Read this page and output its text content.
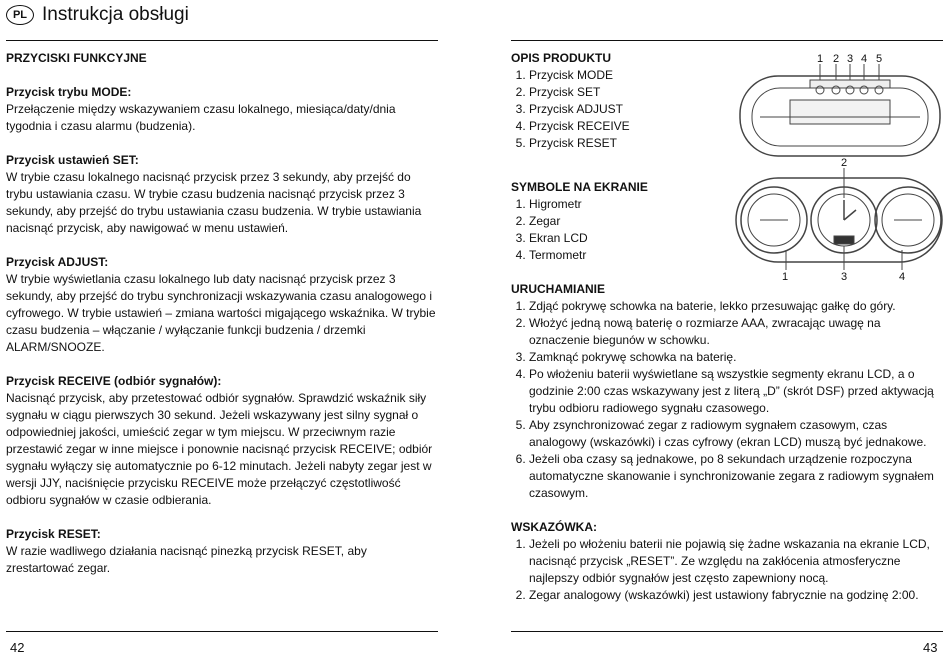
PL Instrukcja obsługi

PRZYCISKI FUNKCYJNE

Przycisk trybu MODE:

Przełączenie między wskazywaniem czasu lokalnego, miesiąca/daty/dnia tygodnia i czasu alarmu (budzenia).

Przycisk ustawień SET:

W trybie czasu lokalnego nacisnąć przycisk przez 3 sekundy, aby przejść do trybu ustawiania czasu. W trybie czasu budzenia nacisnąć przycisk przez 3 sekundy, aby przejść do trybu ustawiania czasu budzenia. W trybie ustawiania nacisnąć przycisk, aby nawigować w menu ustawień.

Przycisk ADJUST:

W trybie wyświetlania czasu lokalnego lub daty nacisnąć przycisk przez 3 sekundy, aby przejść do trybu synchronizacji wskazywania czasu analogowego i cyfrowego. W trybie ustawień – zmiana wartości migającego wskaźnika. W trybie czasu budzenia – włączanie / wyłączanie funkcji budzenia / drzemki ALARM/SNOOZE.

Przycisk RECEIVE (odbiór sygnałów):

Nacisnąć przycisk, aby przetestować odbiór sygnałów. Sprawdzić wskaźnik siły sygnału w ciągu pierwszych 30 sekund. Jeżeli wskazywany jest silny sygnał o odpowiedniej jakości, umieścić zegar w tym miejscu. W przeciwnym razie przestawić zegar w inne miejsce i ponownie nacisnąć przycisk RECEIVE; odbiór sygnału wyłączy się automatycznie po 6-12 minutach. Jeżeli nabyty zegar jest w wersji JJY, naciśnięcie przycisku RECEIVE może przełączyć częstotliwość odbioru sygnałów w czasie odbierania.

Przycisk RESET:

W razie wadliwego działania nacisnąć pinezką przycisk RESET, aby zrestartować zegar.

OPIS PRODUKTU

1. Przycisk MODE
2. Przycisk SET
3. Przycisk ADJUST
4. Przycisk RECEIVE
5. Przycisk RESET

SYMBOLE NA EKRANIE

1. Higrometr
2. Zegar
3. Ekran LCD
4. Termometr

URUCHAMIANIE

1. Zdjąć pokrywę schowka na baterie, lekko przesuwając gałkę do góry.
2. Włożyć jedną nową baterię o rozmiarze AAA, zwracając uwagę na oznaczenie biegunów w schowku.
3. Zamknąć pokrywę schowka na baterię.
4. Po włożeniu baterii wyświetlane są wszystkie segmenty ekranu LCD, a o godzinie 2:00 czas wskazywany jest z literą „D” (skrót DSF) przed aktywacją trybu odbioru radiowego sygnału czasowego.
5. Aby zsynchronizować zegar z radiowym sygnałem czasowym, czas analogowy (wskazówki) i czas cyfrowy (ekran LCD) muszą być jednakowe.
6. Jeżeli oba czasy są jednakowe, po 8 sekundach urządzenie rozpoczyna automatyczne skanowanie i synchronizowanie zegara z radiowym sygnałem czasowym.

WSKAZÓWKA:

1. Jeżeli po włożeniu baterii nie pojawią się żadne wskazania na ekranie LCD, nacisnąć przycisk „RESET”. Ze względu na zakłócenia atmosferyczne najlepszy odbiór sygnałów jest często zapewniony nocą.
2. Zegar analogowy (wskazówki) jest ustawiony fabrycznie na godzinę 2:00.
1 2 3 4 5
2
1	3	4
42	43
